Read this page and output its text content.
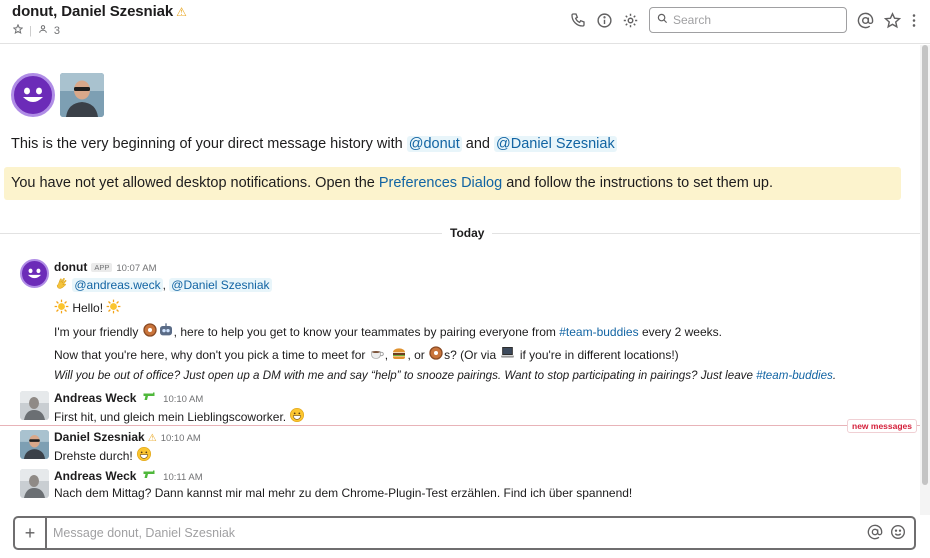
donut, Daniel Szesniak ⚠
| 3
Search
This is the very beginning of your direct message history with @donut and @Daniel Szesniak
You have not yet allowed desktop notifications. Open the Preferences Dialog and follow the instructions to set them up.
Today
donut APP 10:07 AM
@andreas.weck , @Daniel Szesniak
Hello!
I'm your friendly	, here to help you get to know your teammates by pairing everyone from #team-buddies every 2 weeks.
Now that you're here, why don't you pick a time to meet for , , or s? (Or via if you're in different locations!)
Will you be out of office? Just open up a DM with me and say “help” to snooze pairings. Want to stop participating in pairings? Just leave #team-buddies.
Andreas Weck	10:10 AM
First hit, und gleich mein Lieblingscoworker.
new messages
Daniel Szesniak ⚠ 10:10 AM
Drehste durch!
Andreas Weck	10:11 AM
Nach dem Mittag? Dann kannst mir mal mehr zu dem Chrome-Plugin-Test erzählen. Find ich über spannend!
+
Message donut, Daniel Szesniak
